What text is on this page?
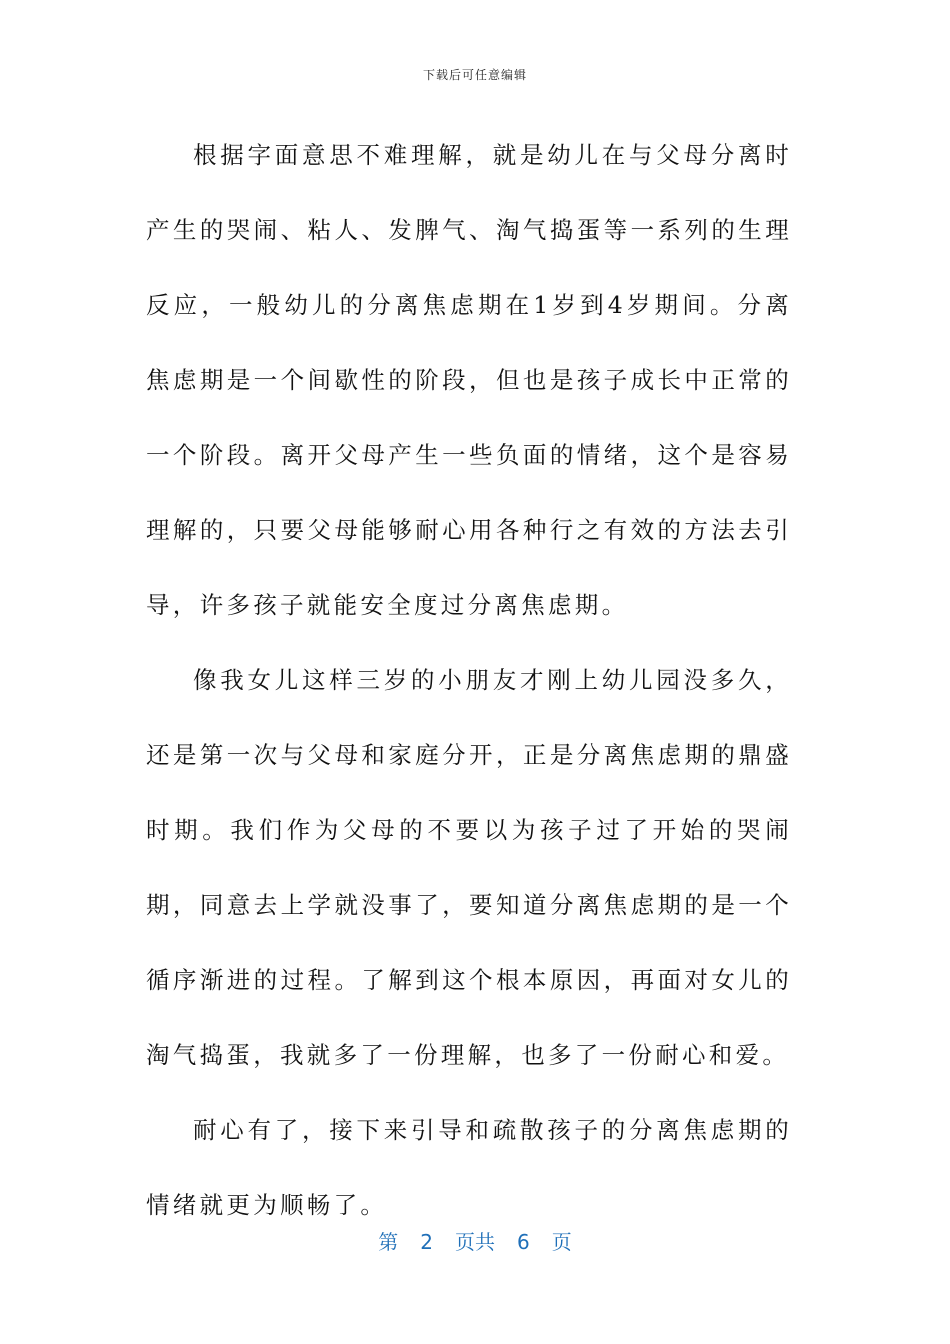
下载后可任意编辑

根据字面意思不难理解，就是幼儿在与父母分离时产生的哭闹、粘人、发脾气、淘气捣蛋等一系列的生理反应，一般幼儿的分离焦虑期在1岁到4岁期间。分离焦虑期是一个间歇性的阶段，但也是孩子成长中正常的一个阶段。离开父母产生一些负面的情绪，这个是容易理解的，只要父母能够耐心用各种行之有效的方法去引导，许多孩子就能安全度过分离焦虑期。

像我女儿这样三岁的小朋友才刚上幼儿园没多久，还是第一次与父母和家庭分开，正是分离焦虑期的鼎盛时期。我们作为父母的不要以为孩子过了开始的哭闹期，同意去上学就没事了，要知道分离焦虑期的是一个循序渐进的过程。了解到这个根本原因，再面对女儿的淘气捣蛋，我就多了一份理解，也多了一份耐心和爱。

耐心有了，接下来引导和疏散孩子的分离焦虑期的情绪就更为顺畅了。

第 2 页共 6 页
